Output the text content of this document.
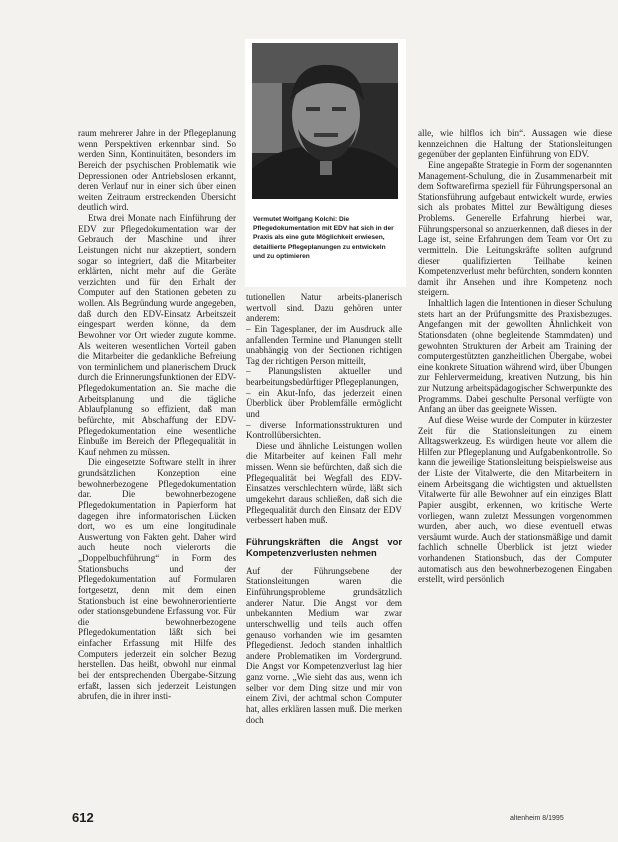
Vermutet Wolfgang Kolchi: Die Pflegedokumentation mit EDV hat sich in der Praxis als eine gute Möglichkeit erwiesen, detaillierte Pflegeplanungen zu entwickeln und zu optimieren

raum mehrerer Jahre in der Pflegeplanung wenn Perspektiven erkennbar sind. So werden Sinn, Kontinuitäten, besonders im Bereich der psychischen Problematik wie Depressionen oder Antriebslosen erkannt, deren Verlauf nur in einer sich über einen weiten Zeitraum erstreckenden Übersicht deutlich wird.

Etwa drei Monate nach Einführung der EDV zur Pflegedokumentation war der Gebrauch der Maschine und ihrer Leistungen nicht nur akzeptiert, sondern sogar so integriert, daß die Mitarbeiter erklärten, nicht mehr auf die Geräte verzichten und für den Erhalt der Computer auf den Stationen gebeten zu wollen. Als Begründung wurde angegeben, daß durch den EDV-Einsatz Arbeitszeit eingespart werden könne, da dem Bewohner vor Ort wieder zugute komme. Als weiteren wesentlichen Vorteil gaben die Mitarbeiter die gedankliche Befreiung von terminlichem und planerischem Druck durch die Erinnerungsfunktionen der EDV-Pflegedokumentation an. Sie mache die Arbeitsplanung und die tägliche Ablaufplanung so effizient, daß man befürchte, mit Abschaffung der EDV-Pflegedokumentation eine wesentliche Einbuße im Bereich der Pflegequalität in Kauf nehmen zu müssen.

Die eingesetzte Software stellt in ihrer grundsätzlichen Konzeption eine bewohnerbezogene Pflegedokumentation dar. Die bewohnerbezogene Pflegedokumentation in Papierform hat dagegen ihre informatorischen Lücken dort, wo es um eine longitudinale Auswertung von Fakten geht. Daher wird auch heute noch vielerorts die „Doppelbuchführung“ in Form des Stationsbuchs und der Pflegedokumentation auf Formularen fortgesetzt, denn mit dem einen Stationsbuch ist eine bewohnerorientierte oder stationsgebundene Erfassung vor. Für die bewohnerbezogene Pflegedokumentation läßt sich bei einfacher Erfassung mit Hilfe des Computers jederzeit ein solcher Bezug herstellen. Das heißt, obwohl nur einmal bei der entsprechenden Übergabe-Sitzung erfaßt, lassen sich jederzeit Leistungen abrufen, die in ihrer insti-

tutionellen Natur arbeits-planerisch wertvoll sind. Dazu gehören unter anderem:

– Ein Tagesplaner, der im Ausdruck alle anfallenden Termine und Planungen stellt unabhängig von der Sectionen richtigen Tag der richtigen Person mitteilt,

– Planungslisten aktueller und bearbeitungsbedürftiger Pflegeplanungen,

– ein Akut-Info, das jederzeit einen Überblick über Problemfälle ermöglicht und

– diverse Informationsstrukturen und Kontrollübersichten.

Diese und ähnliche Leistungen wollen die Mitarbeiter auf keinen Fall mehr missen. Wenn sie befürchten, daß sich die Pflegequalität bei Wegfall des EDV-Einsatzes verschlechtern würde, läßt sich umgekehrt daraus schließen, daß sich die Pflegequalität durch den Einsatz der EDV verbessert haben muß.

Führungskräften die Angst vor Kompetenzverlusten nehmen

Auf der Führungsebene der Stationsleitungen waren die Einführungsprobleme grundsätzlich anderer Natur. Die Angst vor dem unbekannten Medium war zwar unterschwellig und teils auch offen genauso vorhanden wie im gesamten Pflegedienst. Jedoch standen inhaltlich andere Problematiken im Vordergrund. Die Angst vor Kompetenzverlust lag hier ganz vorne. „Wie sieht das aus, wenn ich selber vor dem Ding sitze und mir von einem Zivi, der achtmal schon Computer hat, alles erklären lassen muß. Die merken doch

alle, wie hilflos ich bin“. Aussagen wie diese kennzeichnen die Haltung der Stationsleitungen gegenüber der geplanten Einführung von EDV.

Eine angepaßte Strategie in Form der sogenannten Management-Schulung, die in Zusammenarbeit mit dem Softwarefirma speziell für Führungspersonal an Stationsführung aufgebaut entwickelt wurde, erwies sich als probates Mittel zur Bewältigung dieses Problems. Generelle Erfahrung hierbei war, Führungspersonal so anzuerkennen, daß dieses in der Lage ist, seine Erfahrungen dem Team vor Ort zu vermitteln. Die Leitungskräfte sollten aufgrund dieser qualifizierten Teilhabe keinen Kompetenzverlust mehr befürchten, sondern konnten damit ihr Ansehen und ihre Kompetenz noch steigern.

Inhaltlich lagen die Intentionen in dieser Schulung stets hart an der Prüfungsmitte des Praxisbezuges. Angefangen mit der gewollten Ähnlichkeit von Stationsdaten (ohne begleitende Stammdaten) und gewohnten Strukturen der Arbeit am Training der computergestützten ganzheitlichen Übergabe, wobei eine konkrete Situation während wird, über Übungen zur Fehlervermeidung, kreativen Nutzung, bis hin zur Nutzung arbeitspädagogischer Schwerpunkte des Programms. Dabei geschulte Personal verfügte von Anfang an über das geeignete Wissen.

Auf diese Weise wurde der Computer in kürzester Zeit für die Stationsleitungen zu einem Alltagswerkzeug. Es würdigen heute vor allem die Hilfen zur Pflegeplanung und Aufgabenkontrolle. So kann die jeweilige Stationsleitung beispielsweise aus der Liste der Vitalwerte, die den Mitarbeitern in einem Arbeitsgang die wichtigsten und aktuellsten Vitalwerte für alle Bewohner auf ein einziges Blatt Papier ausgibt, erkennen, wo kritische Werte vorliegen, wann zuletzt Messungen vorgenommen wurden, aber auch, wo diese eventuell etwas versäumt wurde. Auch der stationsmäßige und damit fachlich schnelle Überblick ist jetzt wieder vorhandenen Stationsbuch, das der Computer automatisch aus den bewohnerbezogenen Eingaben erstellt, wird persönlich

612	altenheim 8/1995
